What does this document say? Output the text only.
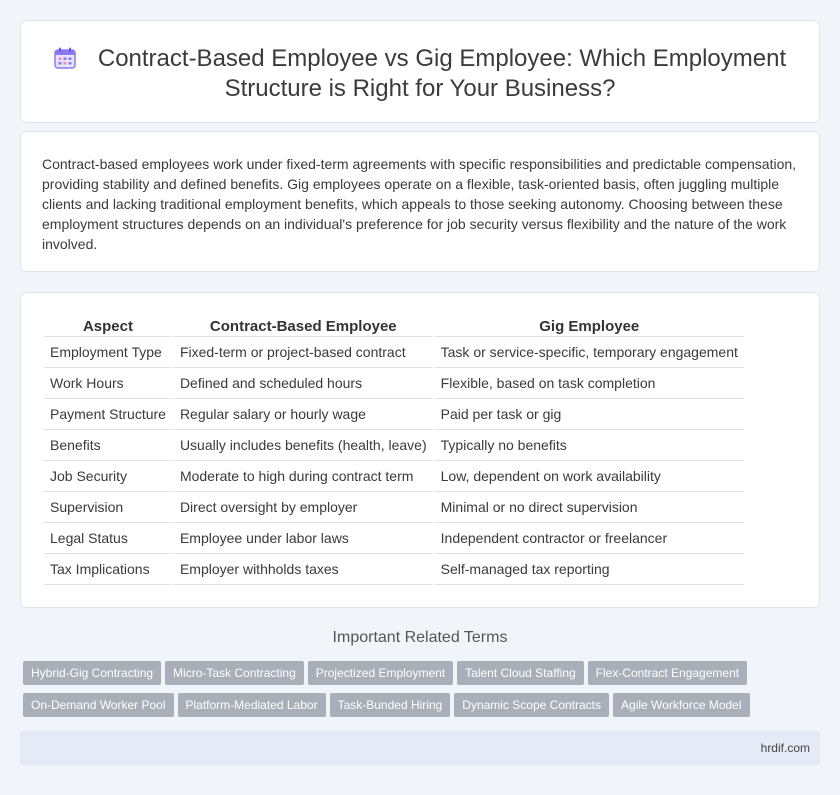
Contract-Based Employee vs Gig Employee: Which Employment Structure is Right for Your Business?

Contract-based employees work under fixed-term agreements with specific responsibilities and predictable compensation, providing stability and defined benefits. Gig employees operate on a flexible, task-oriented basis, often juggling multiple clients and lacking traditional employment benefits, which appeals to those seeking autonomy. Choosing between these employment structures depends on an individual's preference for job security versus flexibility and the nature of the work involved.

Aspect	Contract-Based Employee	Gig Employee
Employment Type	Fixed-term or project-based contract	Task or service-specific, temporary engagement
Work Hours	Defined and scheduled hours	Flexible, based on task completion
Payment Structure	Regular salary or hourly wage	Paid per task or gig
Benefits	Usually includes benefits (health, leave)	Typically no benefits
Job Security	Moderate to high during contract term	Low, dependent on work availability
Supervision	Direct oversight by employer	Minimal or no direct supervision
Legal Status	Employee under labor laws	Independent contractor or freelancer
Tax Implications	Employer withholds taxes	Self-managed tax reporting
Important Related Terms
Hybrid-Gig Contracting Micro-Task Contracting Projectized Employment Talent Cloud Staffing Flex-Contract Engagement
On-Demand Worker Pool Platform-Mediated Labor Task-Bunded Hiring Dynamic Scope Contracts Agile Workforce Model
hrdif.com
